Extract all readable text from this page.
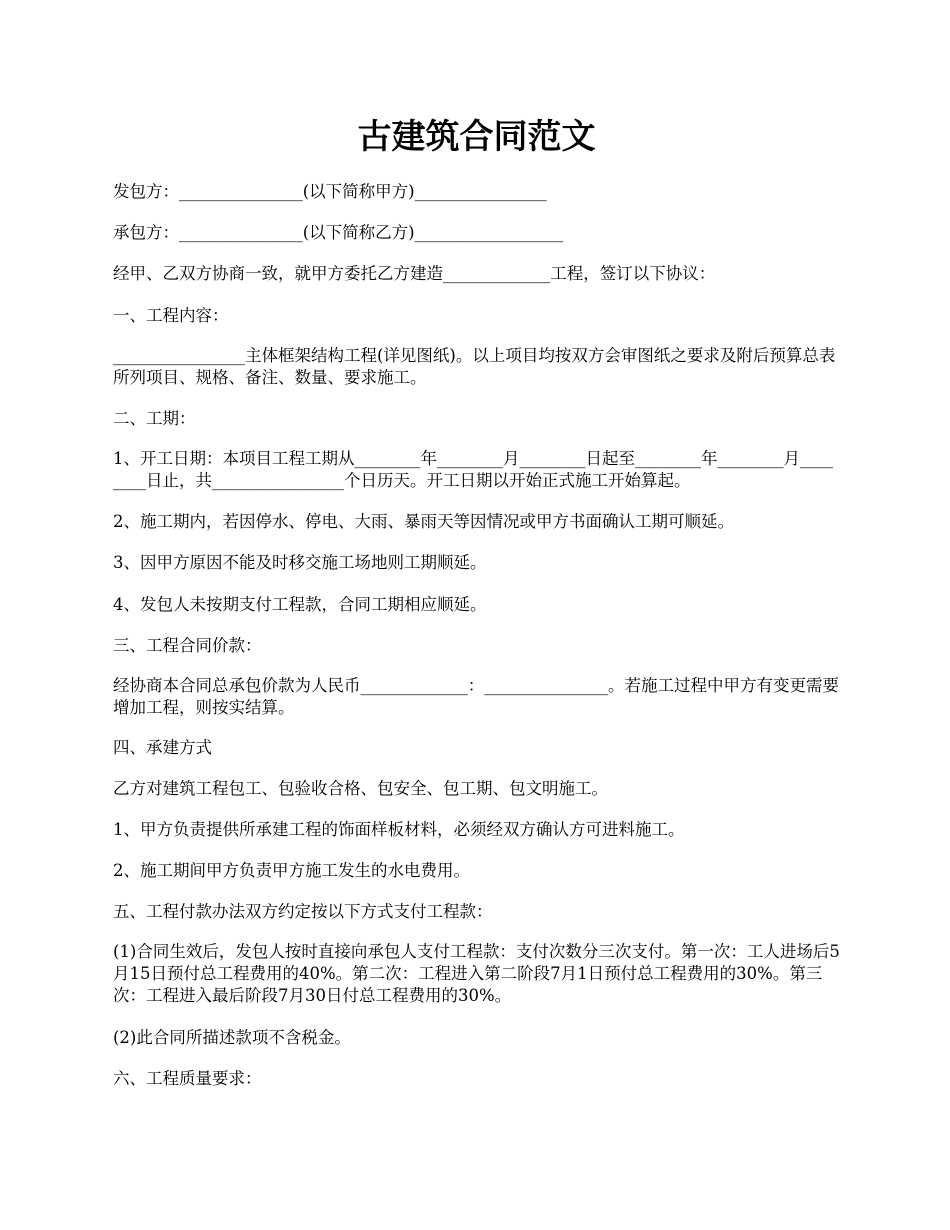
古建筑合同范文

发包方：_______________(以下简称甲方)________________

承包方：_______________(以下简称乙方)__________________

经甲、乙双方协商一致，就甲方委托乙方建造_____________工程，签订以下协议：

一、工程内容：

________________主体框架结构工程(详见图纸)。以上项目均按双方会审图纸之要求及附后预算总表所列项目、规格、备注、数量、要求施工。

二、工期：

1、开工日期：本项目工程工期从________年________月________日起至________年________月________日止，共________________个日历天。开工日期以开始正式施工开始算起。

2、施工期内，若因停水、停电、大雨、暴雨天等因情况或甲方书面确认工期可顺延。

3、因甲方原因不能及时移交施工场地则工期顺延。

4、发包人未按期支付工程款，合同工期相应顺延。

三、工程合同价款：

经协商本合同总承包价款为人民币_____________：_______________。若施工过程中甲方有变更需要增加工程，则按实结算。

四、承建方式

乙方对建筑工程包工、包验收合格、包安全、包工期、包文明施工。

1、甲方负责提供所承建工程的饰面样板材料，必须经双方确认方可进料施工。

2、施工期间甲方负责甲方施工发生的水电费用。

五、工程付款办法双方约定按以下方式支付工程款：

(1)合同生效后，发包人按时直接向承包人支付工程款：支付次数分三次支付。第一次：工人进场后5月15日预付总工程费用的40%。第二次：工程进入第二阶段7月1日预付总工程费用的30%。第三次：工程进入最后阶段7月30日付总工程费用的30%。

(2)此合同所描述款项不含税金。

六、工程质量要求：
